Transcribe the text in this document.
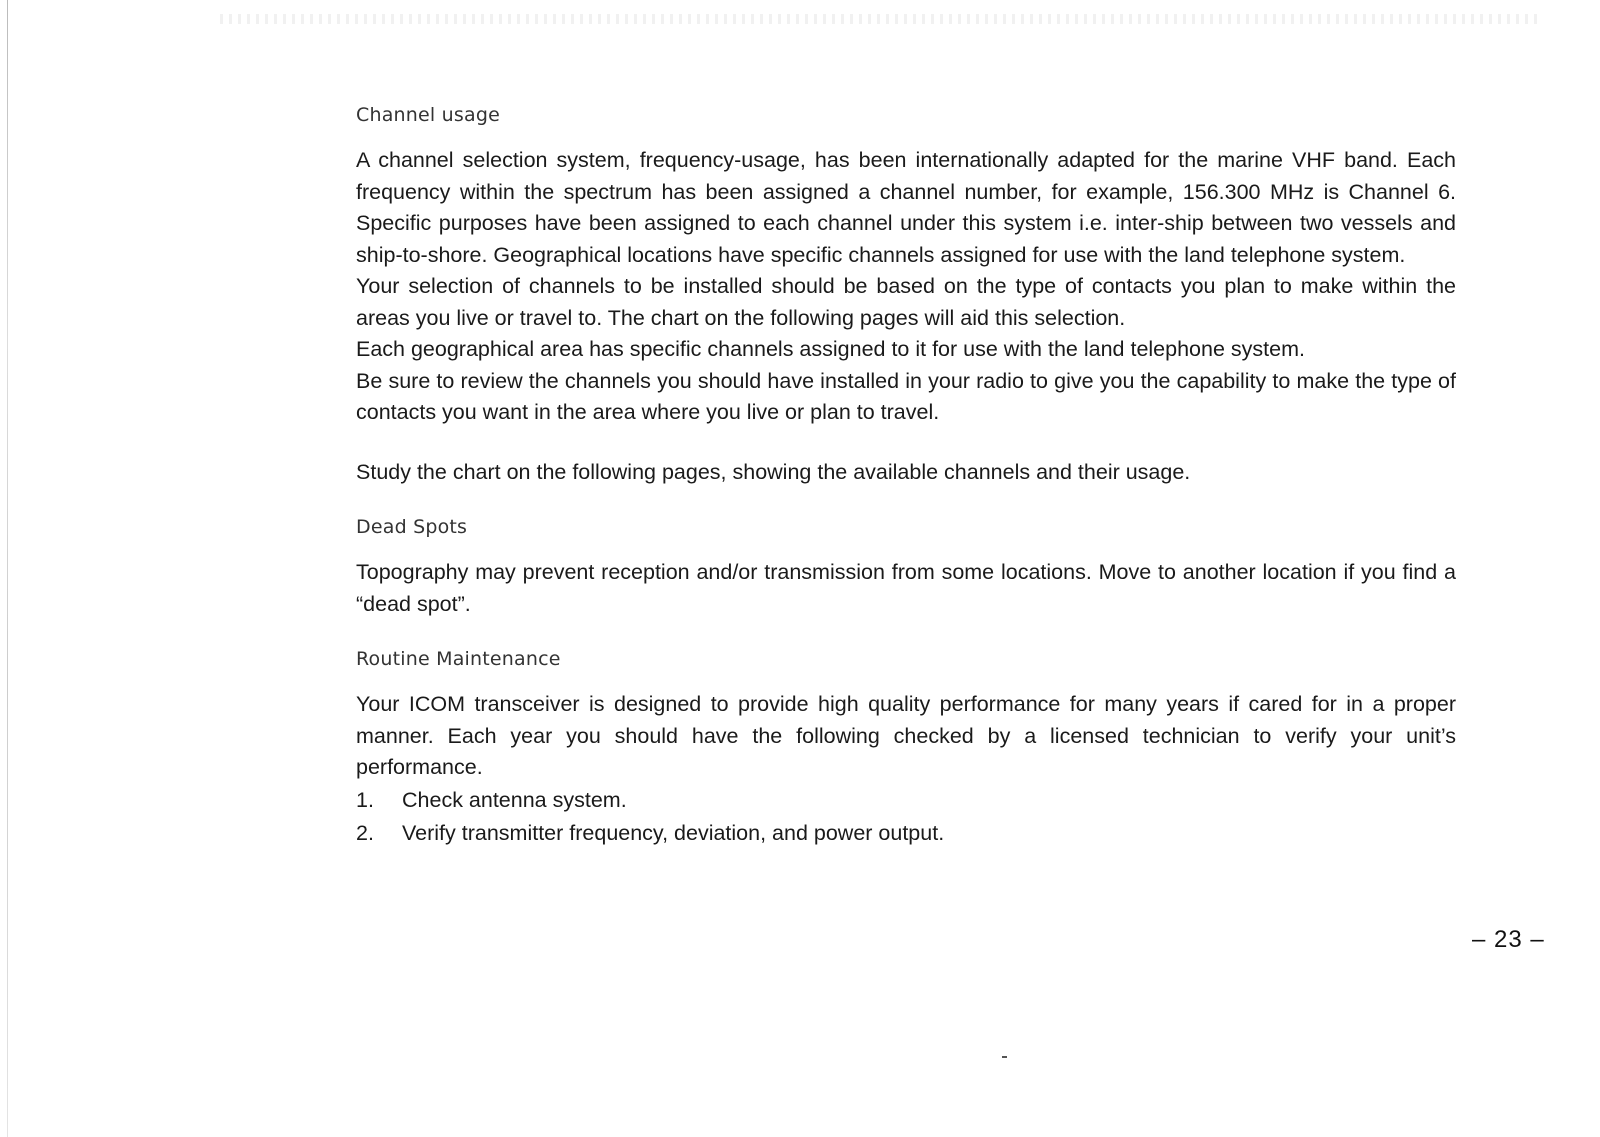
Channel usage

A channel selection system, frequency-usage, has been internationally adapted for the marine VHF band. Each frequency within the spectrum has been assigned a channel number, for example, 156.300 MHz is Channel 6. Specific purposes have been assigned to each channel under this system i.e. inter-ship between two vessels and ship-to-shore. Geographical locations have specific channels assigned for use with the land telephone system.

Your selection of channels to be installed should be based on the type of contacts you plan to make within the areas you live or travel to. The chart on the following pages will aid this selection.

Each geographical area has specific channels assigned to it for use with the land telephone system.

Be sure to review the channels you should have installed in your radio to give you the capability to make the type of contacts you want in the area where you live or plan to travel.

Study the chart on the following pages, showing the available channels and their usage.

Dead Spots

Topography may prevent reception and/or transmission from some locations. Move to another location if you find a “dead spot”.

Routine Maintenance

Your ICOM transceiver is designed to provide high quality performance for many years if cared for in a proper manner. Each year you should have the following checked by a licensed technician to verify your unit’s performance.

1.	Check antenna system.
2.	Verify transmitter frequency, deviation, and power output.
– 23 –
